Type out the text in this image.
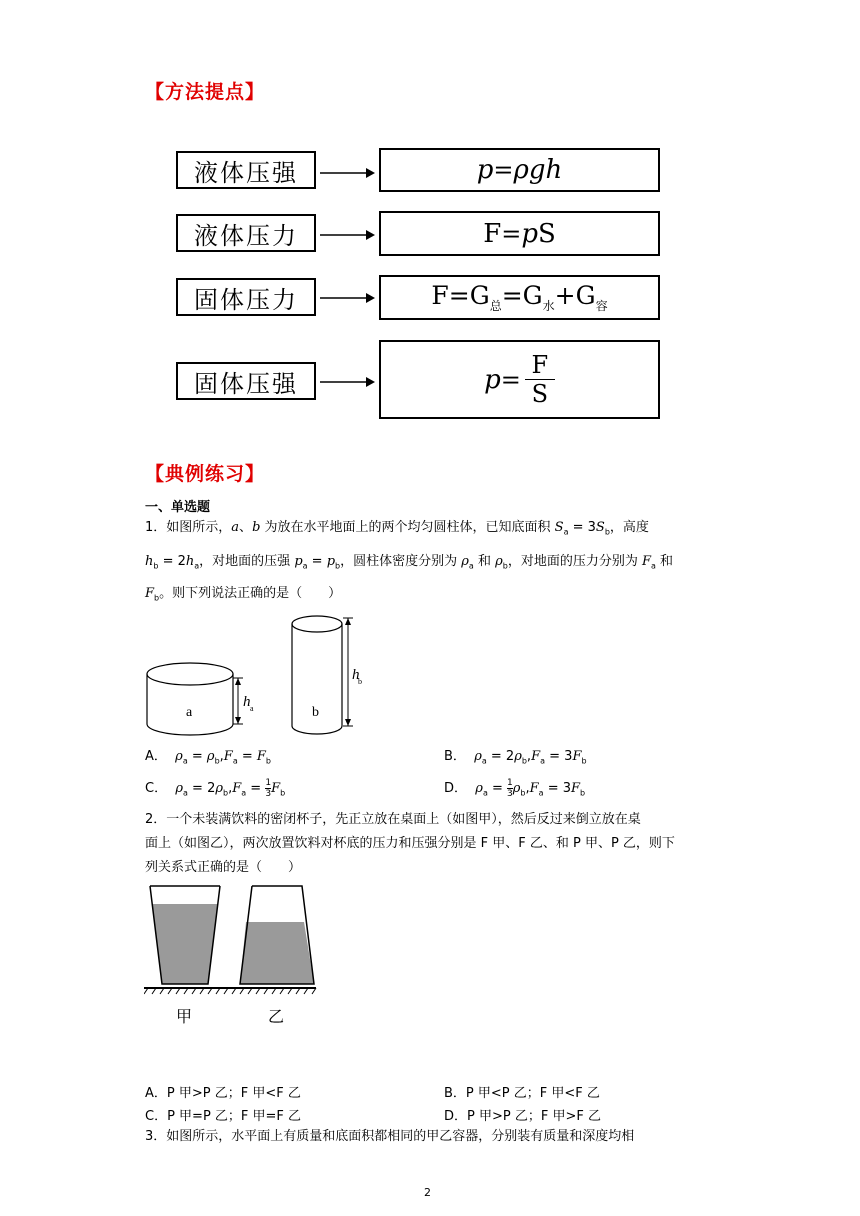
【方法提点】
液体压强	p = ρgh
液体压力	F = p S
固体压力	$F=G_总=G_水+G_容$
固体压强	$p = \frac{F}{S}$
【典例练习】
一、单选题
1．如图所示，a、b 为放在水平地面上的两个均匀圆柱体，已知底面积 $S_a = 3S_b$，高度
$h_b = 2h_a$，对地面的压强 $p_a = p_b$，圆柱体密度分别为 $\rho_a$ 和 $\rho_b$，对地面的压力分别为 $F_a$ 和
$F_b$。则下列说法正确的是（　　）
a
h a	b
h
b
A． $\rho_a = \rho_b,F_a = F_b$	B． $\rho_a = 2\rho_b,F_a = 3F_b$
C． $\rho_a = 2\rho_b,F_a = \frac{1}{3} F_b$	D． $\rho_a = \frac{1}{3} \rho_b,F_a = 3F_b$
2．一个未装满饮料的密闭杯子，先正立放在桌面上（如图甲），然后反过来倒立放在桌
面上（如图乙），两次放置饮料对杯底的压力和压强分别是 F 甲、F 乙、和 P 甲、P 乙，则下
列关系式正确的是（　　）
甲	乙
A．P 甲>P 乙；F 甲<F 乙	B．P 甲<P 乙；F 甲<F 乙
C．P 甲=P 乙；F 甲=F 乙	D．P 甲>P 乙；F 甲>F 乙
3．如图所示，水平面上有质量和底面积都相同的甲乙容器，分别装有质量和深度均相
2
